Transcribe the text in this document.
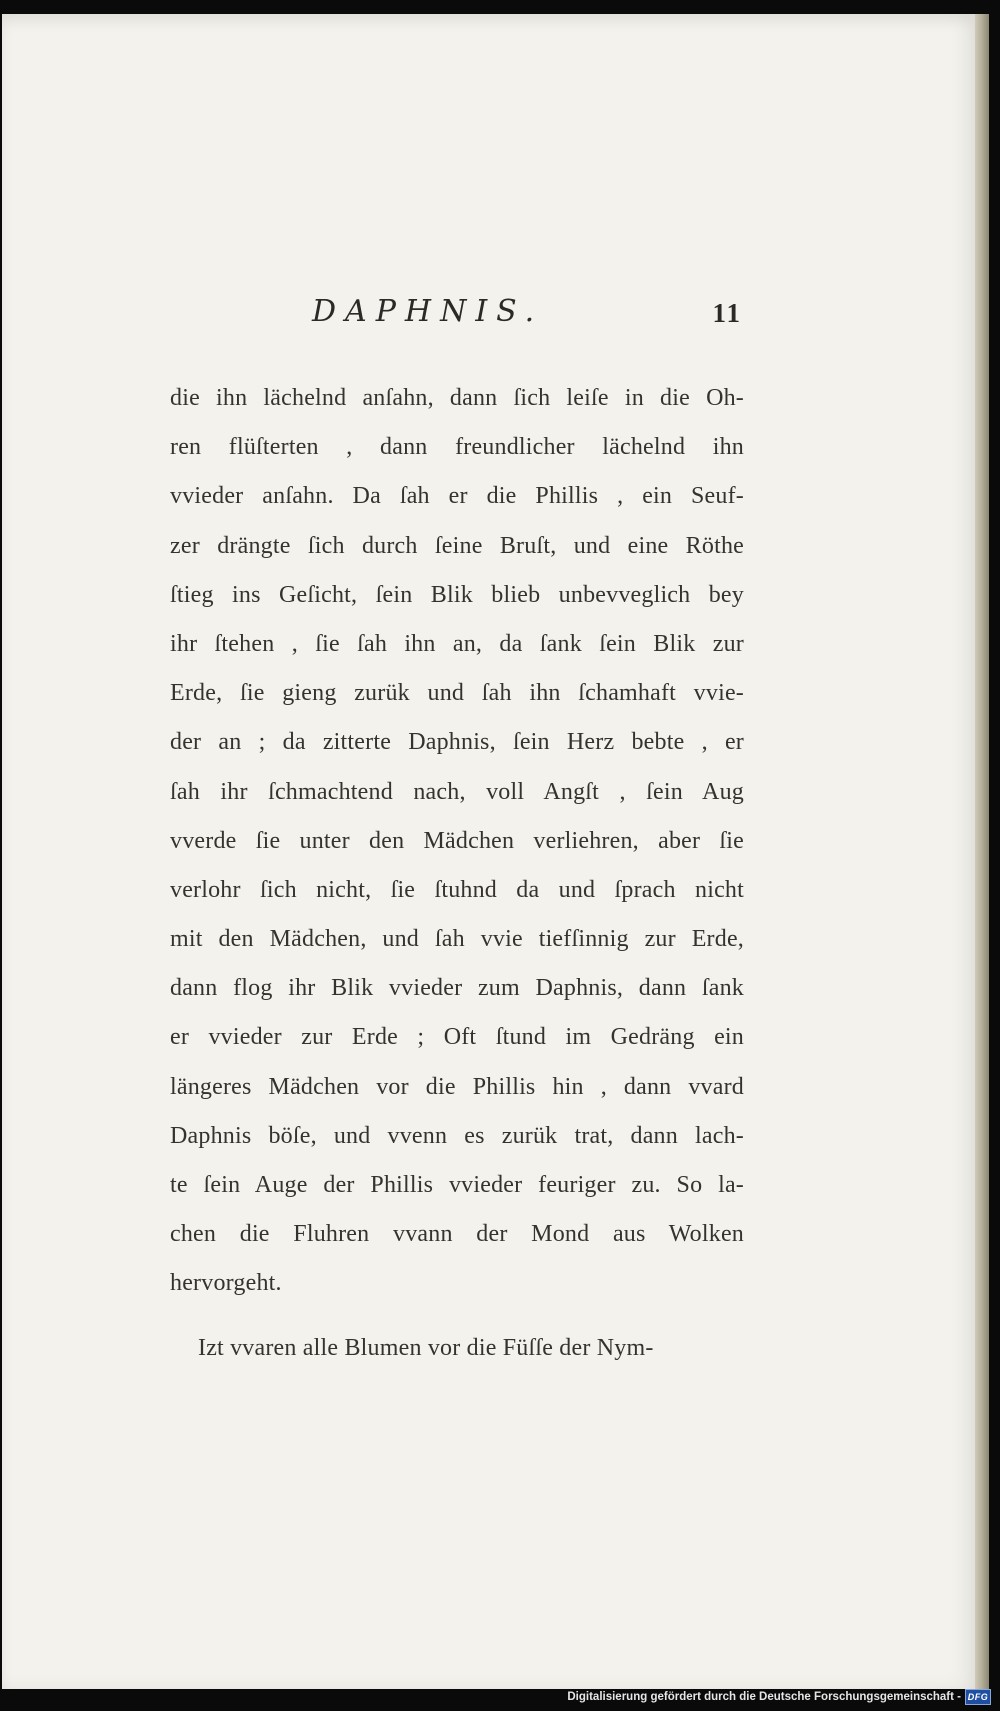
DAPHNIS.	11
die ihn lächelnd anſahn, dann ſich leiſe in die Oh-
ren flüſterten , dann freundlicher lächelnd ihn
vvieder anſahn. Da ſah er die Phillis , ein Seuf-
zer drängte ſich durch ſeine Bruſt, und eine Röthe
ſtieg ins Geſicht, ſein Blik blieb unbevveglich bey
ihr ſtehen , ſie ſah ihn an, da ſank ſein Blik zur
Erde, ſie gieng zurük und ſah ihn ſchamhaft vvie-
der an ; da zitterte Daphnis, ſein Herz bebte , er
ſah ihr ſchmachtend nach, voll Angſt , ſein Aug
vverde ſie unter den Mädchen verliehren, aber ſie
verlohr ſich nicht, ſie ſtuhnd da und ſprach nicht
mit den Mädchen, und ſah vvie tiefſinnig zur Erde,
dann flog ihr Blik vvieder zum Daphnis, dann ſank
er vvieder zur Erde ; Oft ſtund im Gedräng ein
längeres Mädchen vor die Phillis hin , dann vvard
Daphnis böſe, und vvenn es zurük trat, dann lach-
te ſein Auge der Phillis vvieder feuriger zu. So la-
chen die Fluhren vvann der Mond aus Wolken
hervorgeht.
Izt vvaren alle Blumen vor die Füſſe der Nym-
Digitalisierung gefördert durch die Deutsche Forschungsgemeinschaft - DFG
